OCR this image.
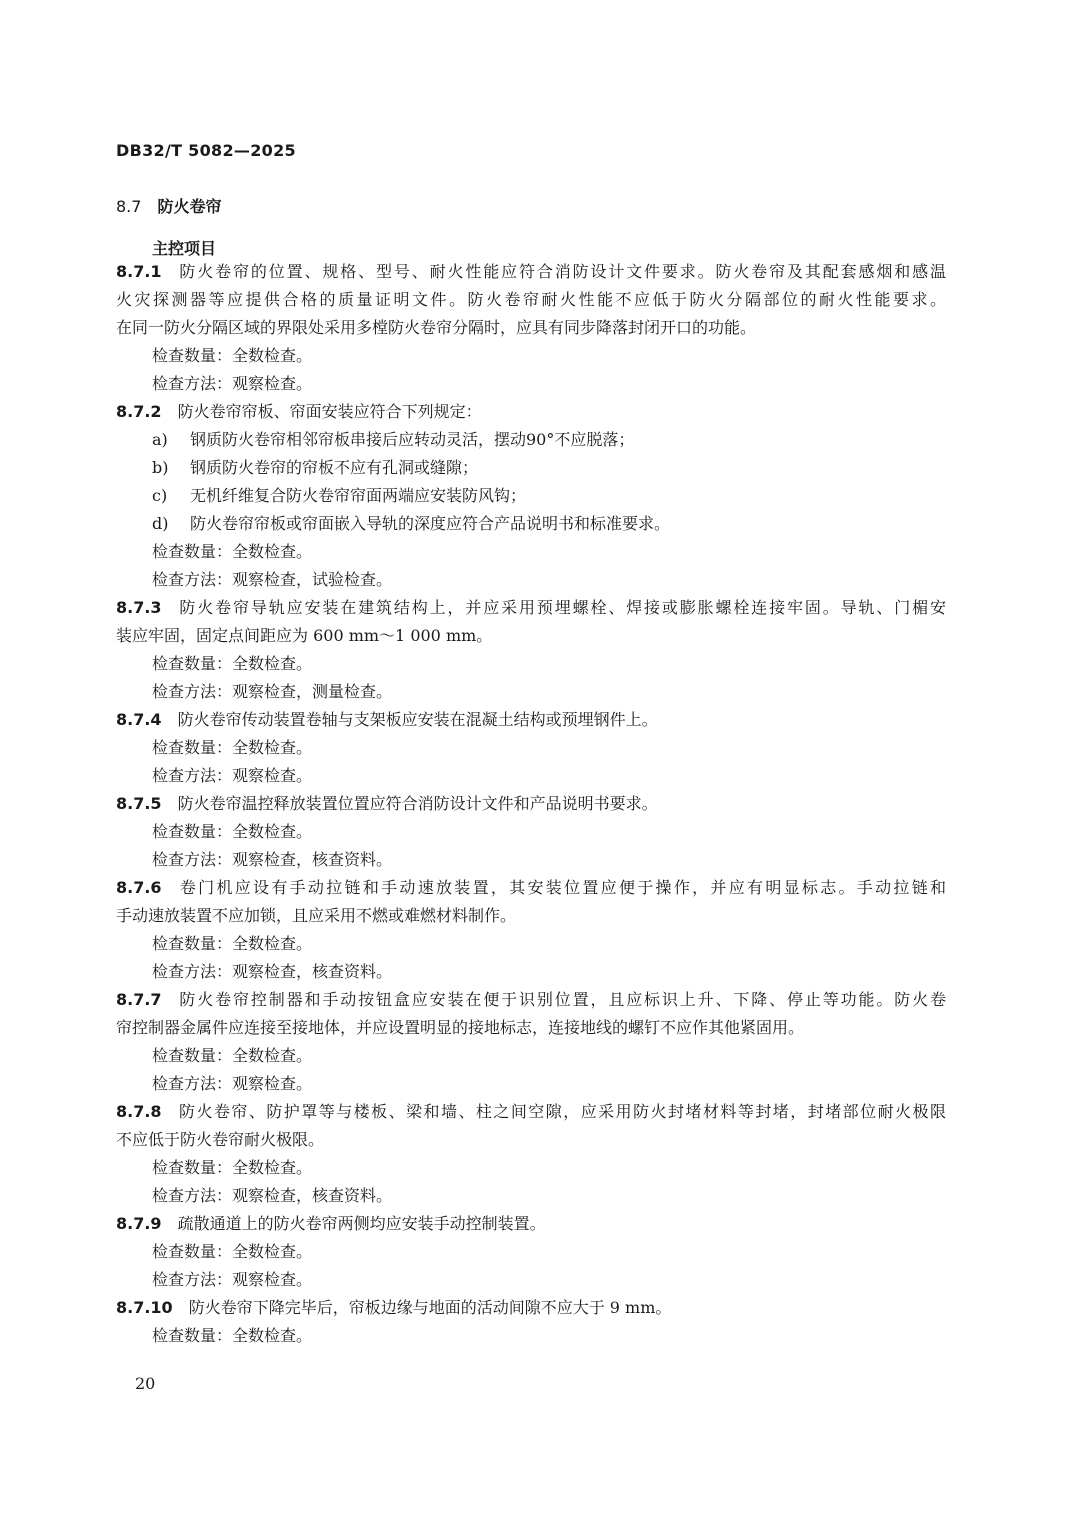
DB32/T 5082—2025
8.7 防火卷帘
主控项目
8.7.1 防火卷帘的位置、规格、型号、耐火性能应符合消防设计文件要求。防火卷帘及其配套感烟和感温
火灾探测器等应提供合格的质量证明文件。防火卷帘耐火性能不应低于防火分隔部位的耐火性能要求。
在同一防火分隔区域的界限处采用多樘防火卷帘分隔时，应具有同步降落封闭开口的功能。
检查数量：全数检查。
检查方法：观察检查。
8.7.2 防火卷帘帘板、帘面安装应符合下列规定：
a) 钢质防火卷帘相邻帘板串接后应转动灵活，摆动90°不应脱落；
b) 钢质防火卷帘的帘板不应有孔洞或缝隙；
c) 无机纤维复合防火卷帘帘面两端应安装防风钩；
d) 防火卷帘帘板或帘面嵌入导轨的深度应符合产品说明书和标准要求。
检查数量：全数检查。
检查方法：观察检查，试验检查。
8.7.3 防火卷帘导轨应安装在建筑结构上，并应采用预埋螺栓、焊接或膨胀螺栓连接牢固。导轨、门楣安
装应牢固，固定点间距应为 600 mm～1 000 mm。
检查数量：全数检查。
检查方法：观察检查，测量检查。
8.7.4 防火卷帘传动装置卷轴与支架板应安装在混凝土结构或预埋钢件上。
检查数量：全数检查。
检查方法：观察检查。
8.7.5 防火卷帘温控释放装置位置应符合消防设计文件和产品说明书要求。
检查数量：全数检查。
检查方法：观察检查，核查资料。
8.7.6 卷门机应设有手动拉链和手动速放装置，其安装位置应便于操作，并应有明显标志。手动拉链和
手动速放装置不应加锁，且应采用不燃或难燃材料制作。
检查数量：全数检查。
检查方法：观察检查，核查资料。
8.7.7 防火卷帘控制器和手动按钮盒应安装在便于识别位置，且应标识上升、下降、停止等功能。防火卷
帘控制器金属件应连接至接地体，并应设置明显的接地标志，连接地线的螺钉不应作其他紧固用。
检查数量：全数检查。
检查方法：观察检查。
8.7.8 防火卷帘、防护罩等与楼板、梁和墙、柱之间空隙，应采用防火封堵材料等封堵，封堵部位耐火极限
不应低于防火卷帘耐火极限。
检查数量：全数检查。
检查方法：观察检查，核查资料。
8.7.9 疏散通道上的防火卷帘两侧均应安装手动控制装置。
检查数量：全数检查。
检查方法：观察检查。
8.7.10 防火卷帘下降完毕后，帘板边缘与地面的活动间隙不应大于 9 mm。
检查数量：全数检查。
20
